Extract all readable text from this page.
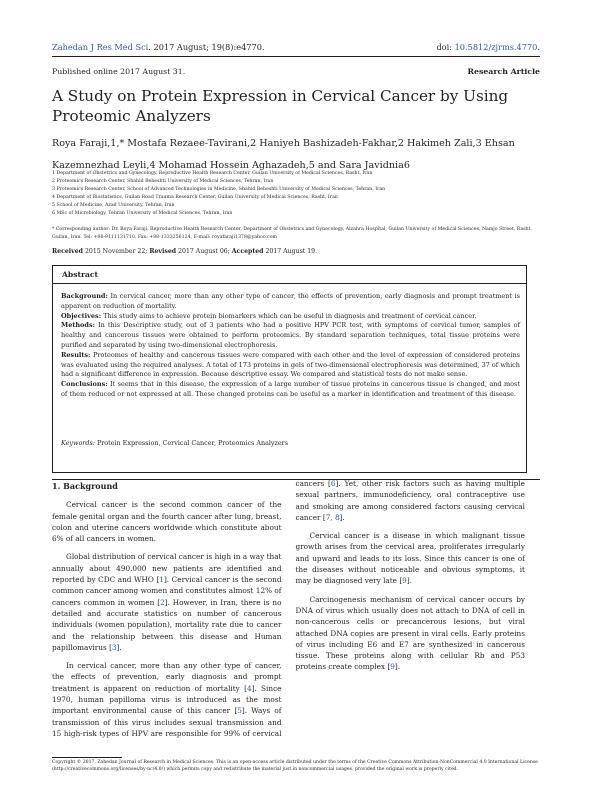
Zahedan J Res Med Sci. 2017 August; 19(8):e4770.	doi: 10.5812/zjrms.4770.
Published online 2017 August 31.	Research Article
A Study on Protein Expression in Cervical Cancer by Using Proteomic Analyzers
Roya Faraji,1,* Mostafa Rezaee-Tavirani,2 Haniyeh Bashizadeh-Fakhar,2 Hakimeh Zali,3 Ehsan
Kazemnezhad Leyli,4 Mohamad Hossein Aghazadeh,5 and Sara Javidnia6
1 Department of Obstetrics and Gynecology, Reproductive Health Research Center, Guilan University of Medical Sciences, Rasht, Iran
2 Proteomics Research Center, Shahid Beheshti University of Medical Sciences, Tehran, Iran
3 Proteomics Research Center, School of Advanced Technologies in Medicine, Shahid Beheshti University of Medical Sciences, Tehran, Iran
4 Department of Biostatistics, Guilan Road Trauma Research Center, Guilan University of Medical Sciences, Rasht, Iran
5 School of Medicine, Azad University, Tehran, Iran
6 MSc of Microbiology, Tehran University of Medical Sciences, Tehran, Iran
* Corresponding author: Dr. Roya Faraji, Reproductive Health Research Center, Department of Obstetrics and Gynecology, Alzahra Hospital, Guilan University of Medical Sciences, Namjo Street, Rasht, Guilan, Iran. Tel: +98-9111131710, Fax: +98-1333256124, E-mail: royafaraji1378@yahoo.com
Received 2015 November 22; Revised 2017 August 06; Accepted 2017 August 19.
Abstract

Background: In cervical cancer, more than any other type of cancer, the effects of prevention, early diagnosis and prompt treatment is apparent on reduction of mortality.

Objectives: This study aims to achieve protein biomarkers which can be useful in diagnosis and treatment of cervical cancer.

Methods: In this Descriptive study, out of 3 patients who had a positive HPV PCR test, with symptoms of cervical tumor, samples of healthy and cancerous tissues were obtained to perform proteomics. By standard separation techniques, total tissue proteins were purified and separated by using two-dimensional electrophoresis.

Results: Proteomes of healthy and cancerous tissues were compared with each other and the level of expression of considered proteins was evaluated using the required analyses. A total of 173 proteins in gels of two-dimensional electrophoresis was determined, 37 of which had a significant difference in expression. Because descriptive essay. We compared and statistical tests do not make sense.

Conclusions: It seems that in this disease, the expression of a large number of tissue proteins in cancerous tissue is changed, and most of them reduced or not expressed at all. These changed proteins can be useful as a marker in identification and treatment of this disease.

Keywords: Protein Expression, Cervical Cancer, Proteomics Analyzers

1. Background

Cervical cancer is the second common cancer of the female genital organ and the fourth cancer after lung, breast, colon and uterine cancers worldwide which constitute about 6% of all cancers in women.

Global distribution of cervical cancer is high in a way that annually about 490.000 new patients are identified and reported by CDC and WHO [1]. Cervical cancer is the second common cancer among women and constitutes almost 12% of cancers common in women [2]. However, in Iran, there is no detailed and accurate statistics on number of cancerous individuals (women population), mortality rate due to cancer and the relationship between this disease and Human papillomavirus [3].

In cervical cancer, more than any other type of cancer, the effects of prevention, early diagnosis and prompt treatment is apparent on reduction of mortality [4]. Since 1970, human papilloma virus is introduced as the most important environmental cause of this cancer [5]. Ways of transmission of this virus includes sexual transmission and 15 high-risk types of HPV are responsible for 99% of cervical cancers [6]. Yet, other risk factors such as having multiple sexual partners, immunodeficiency, oral contraceptive use and smoking are among considered factors causing cervical cancer [7, 8].

Cervical cancer is a disease in which malignant tissue growth arises from the cervical area, proliferates irregularly and upward and leads to its loss. Since this cancer is one of the diseases without noticeable and obvious symptoms, it may be diagnosed very late [9].

Carcinogenesis mechanism of cervical cancer occurs by DNA of virus which usually does not attach to DNA of cell in non-cancerous cells or precancerous lesions, but viral attached DNA copies are present in viral cells. Early proteins of virus including E6 and E7 are synthesized in cancerous tissue. These proteins along with cellular Rb and P53 proteins create complex [9].

Copyright © 2017, Zahedan Journal of Research in Medical Sciences. This is an open-access article distributed under the terms of the Creative Commons Attribution-NonCommercial 4.0 International License (http://creativecommons.org/licenses/by-nc/4.0/) which permits copy and redistribute the material just in noncommercial usages, provided the original work is properly cited.
